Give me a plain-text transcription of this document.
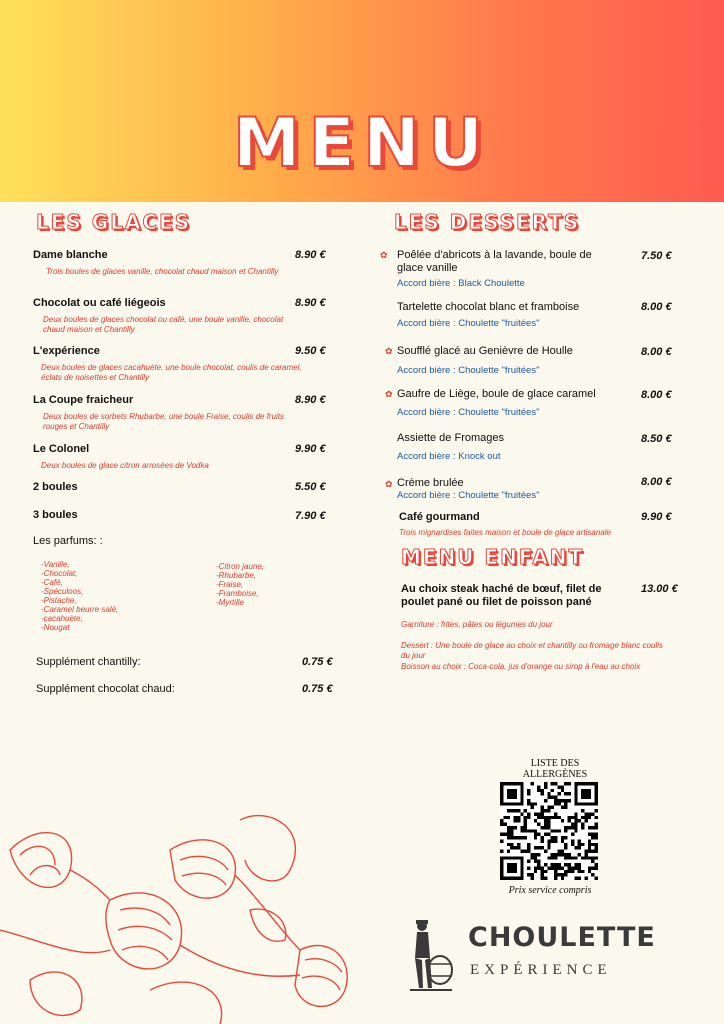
MENU
LES GLACES
Dame blanche	8.90 €
Trois boules de glaces vanille, chocolat chaud maison et Chantilly
Chocolat ou café liégeois	8.90 €
Deux boules de glaces chocolat ou café, une boule vanille, chocolat chaud maison et Chantilly
L'expérience	9.50 €
Deux boules de glaces cacahuète, une boule chocolat, coulis de caramel, éclats de noisettes et Chantilly
La Coupe fraicheur	8.90 €
Deux boules de sorbets Rhubarbe, une boule Fraise, coulis de fruits rouges et Chantilly
Le Colonel	9.90 €
Deux boules de glace citron arrosées de Vodka
2 boules	5.50 €
3 boules	7.90 €
Les parfums: :
-Vanille,
-Chocolat,
-Café,
-Spéculoos,
-Pistache,
-Caramel beurre salé,
-cacahuète,
-Nougat
-Citron jaune,
-Rhubarbe,
-Fraise,
-Framboise,
-Myrtille
Supplément chantilly:	0.75 €
Supplément chocolat chaud:	0.75 €
LES DESSERTS
✿ Poêlée d'abricots à la lavande, boule de
glace vanille
7.50 €
Accord bière : Black Choulette
Tartelette chocolat blanc et framboise	8.00 €
Accord bière : Choulette "fruitées"
✿ Soufflé glacé au Genièvre de Houlle	8.00 €
Accord bière : Choulette "fruitées"
✿ Gaufre de Liège, boule de glace caramel	8.00 €
Accord bière : Choulette "fruitées"
Assiette de Fromages	8.50 €
Accord bière : Knock out
✿ Crème brulée	8.00 €
Accord bière : Choulette "fruitées"
Café gourmand	9.90 €
Trois mignardises faites maison et boule de glace artisanale
MENU ENFANT
Au choix steak haché de bœuf, filet de
poulet pané ou filet de poisson pané
13.00 €
Garniture : frites, pâtes ou légumes du jour
Dessert : Une boule de glace au choix et chantilly ou fromage blanc coulis du jour
Boisson au choix : Coca-cola, jus d'orange ou sirop à l'eau au choix
LISTE DES
ALLERGÈNES
Prix service compris
CHOULETTE
EXPÉRIENCE
